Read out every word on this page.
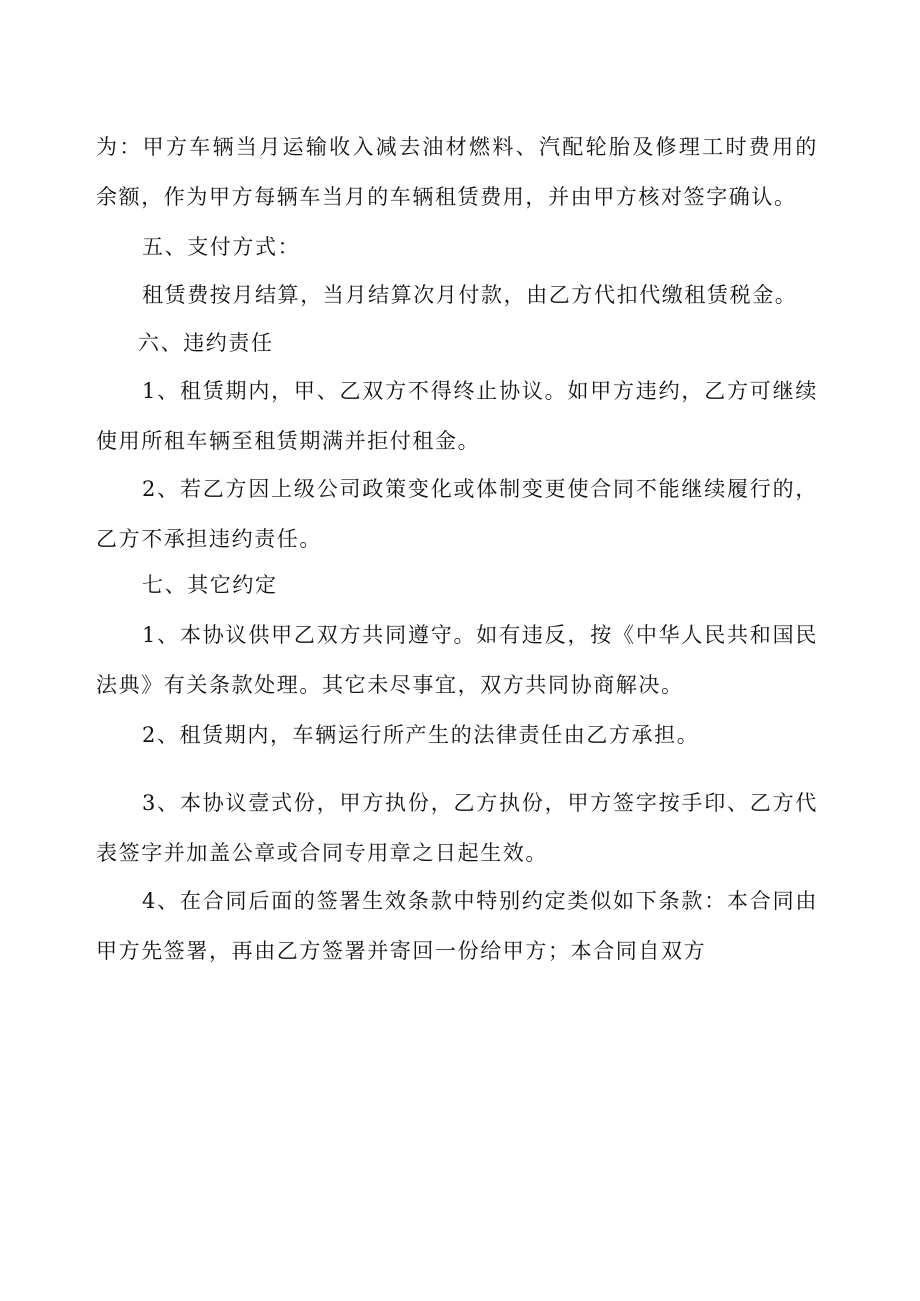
为：甲方车辆当月运输收入减去油材燃料、汽配轮胎及修理工时费用的余额，作为甲方每辆车当月的车辆租赁费用，并由甲方核对签字确认。

五、支付方式：

租赁费按月结算，当月结算次月付款，由乙方代扣代缴租赁税金。

六、违约责任

1、租赁期内，甲、乙双方不得终止协议。如甲方违约，乙方可继续使用所租车辆至租赁期满并拒付租金。

2、若乙方因上级公司政策变化或体制变更使合同不能继续履行的，乙方不承担违约责任。

七、其它约定

1、本协议供甲乙双方共同遵守。如有违反，按《中华人民共和国民法典》有关条款处理。其它未尽事宜，双方共同协商解决。

2、租赁期内，车辆运行所产生的法律责任由乙方承担。

3、本协议壹式份，甲方执份，乙方执份，甲方签字按手印、乙方代表签字并加盖公章或合同专用章之日起生效。

4、在合同后面的签署生效条款中特别约定类似如下条款：本合同由甲方先签署，再由乙方签署并寄回一份给甲方；本合同自双方
